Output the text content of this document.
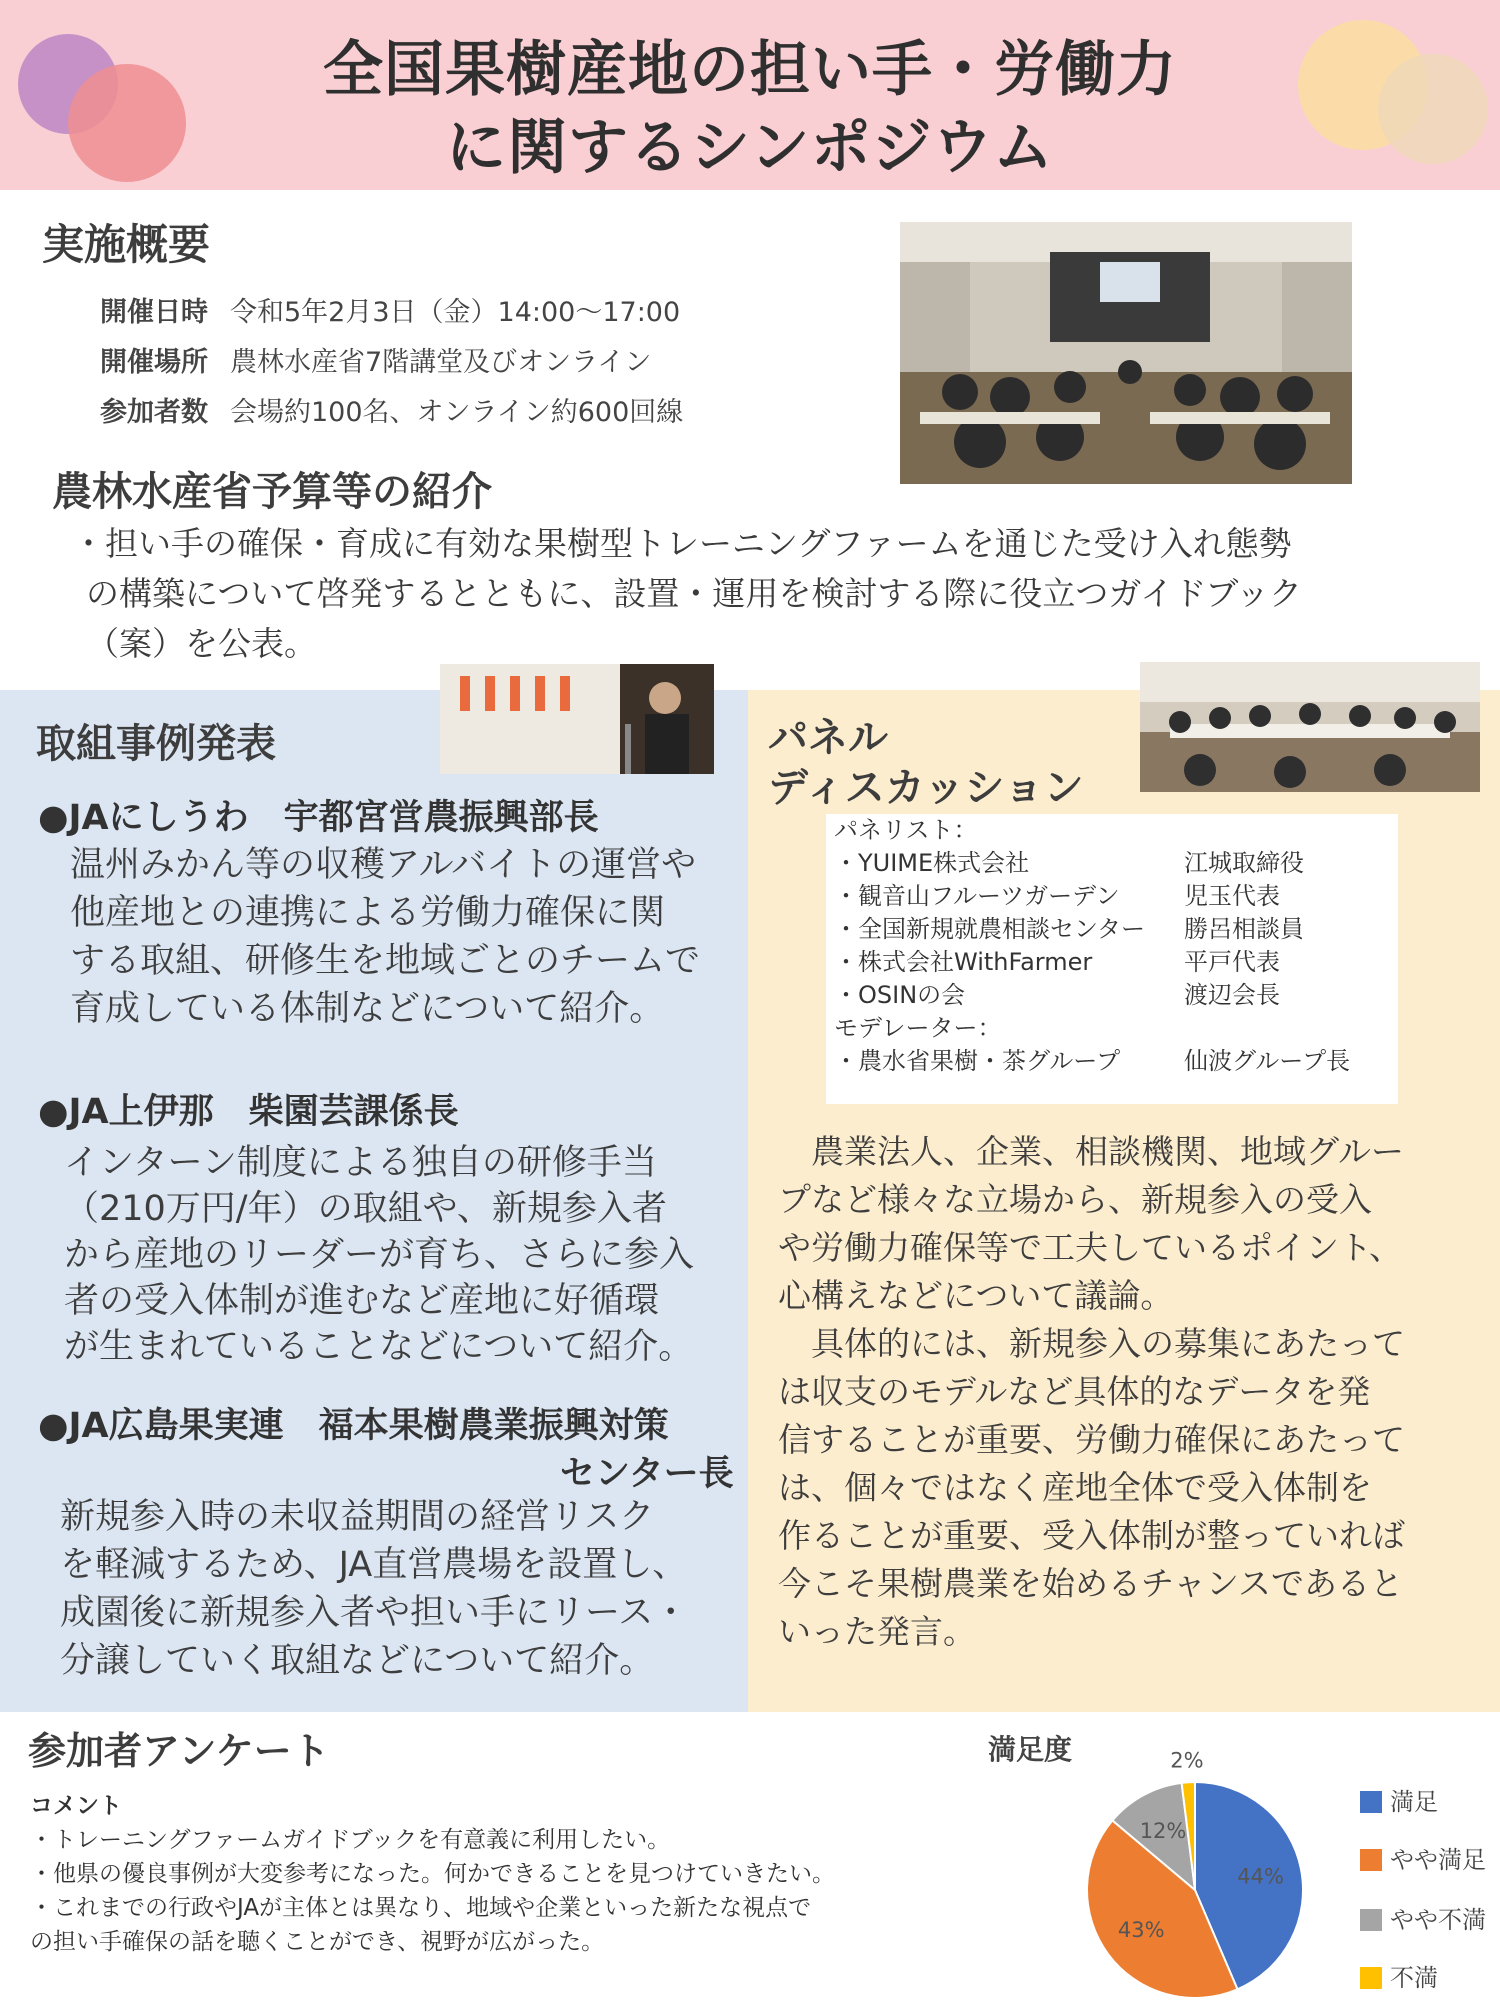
全国果樹産地の担い手・労働力
に関するシンポジウム
実施概要
開催日時 令和5年2月3日（金）14:00〜17:00
開催場所 農林水産省7階講堂及びオンライン
参加者数 会場約100名、オンライン約600回線
農林水産省予算等の紹介
・担い手の確保・育成に有効な果樹型トレーニングファームを通じた受け入れ態勢
の構築について啓発するとともに、設置・運用を検討する際に役立つガイドブック
（案）を公表。
取組事例発表
●JAにしうわ　宇都宮営農振興部長
温州みかん等の収穫アルバイトの運営や
他産地との連携による労働力確保に関
する取組、研修生を地域ごとのチームで
育成している体制などについて紹介。
●JA上伊那　柴園芸課係長
インターン制度による独自の研修手当
（210万円/年）の取組や、新規参入者
から産地のリーダーが育ち、さらに参入
者の受入体制が進むなど産地に好循環
が生まれていることなどについて紹介。
●JA広島果実連　福本果樹農業振興対策
センター長
新規参入時の未収益期間の経営リスク
を軽減するため、JA直営農場を設置し、
成園後に新規参入者や担い手にリース・
分譲していく取組などについて紹介。
パネル
ディスカッション
パネリスト：
・YUIME株式会社	江城取締役
・観音山フルーツガーデン	児玉代表
・全国新規就農相談センター 勝呂相談員
・株式会社WithFarmer	平戸代表
・OSINの会	渡辺会長
モデレーター：
・農水省果樹・茶グループ	仙波グループ長
　農業法人、企業、相談機関、地域グルー
プなど様々な立場から、新規参入の受入
や労働力確保等で工夫しているポイント、
心構えなどについて議論。
　具体的には、新規参入の募集にあたって
は収支のモデルなど具体的なデータを発
信することが重要、労働力確保にあたって
は、個々ではなく産地全体で受入体制を
作ることが重要、受入体制が整っていれば
今こそ果樹農業を始めるチャンスであると
いった発言。
参加者アンケート
コメント
・トレーニングファームガイドブックを有意義に利用したい。
・他県の優良事例が大変参考になった。何かできることを見つけていきたい。
・これまでの行政やJAが主体とは異なり、地域や企業といった新たな視点で
の担い手確保の話を聴くことができ、視野が広がった。
満足度
44%
43%
12%
2%
満足
やや満足
やや不満
不満
